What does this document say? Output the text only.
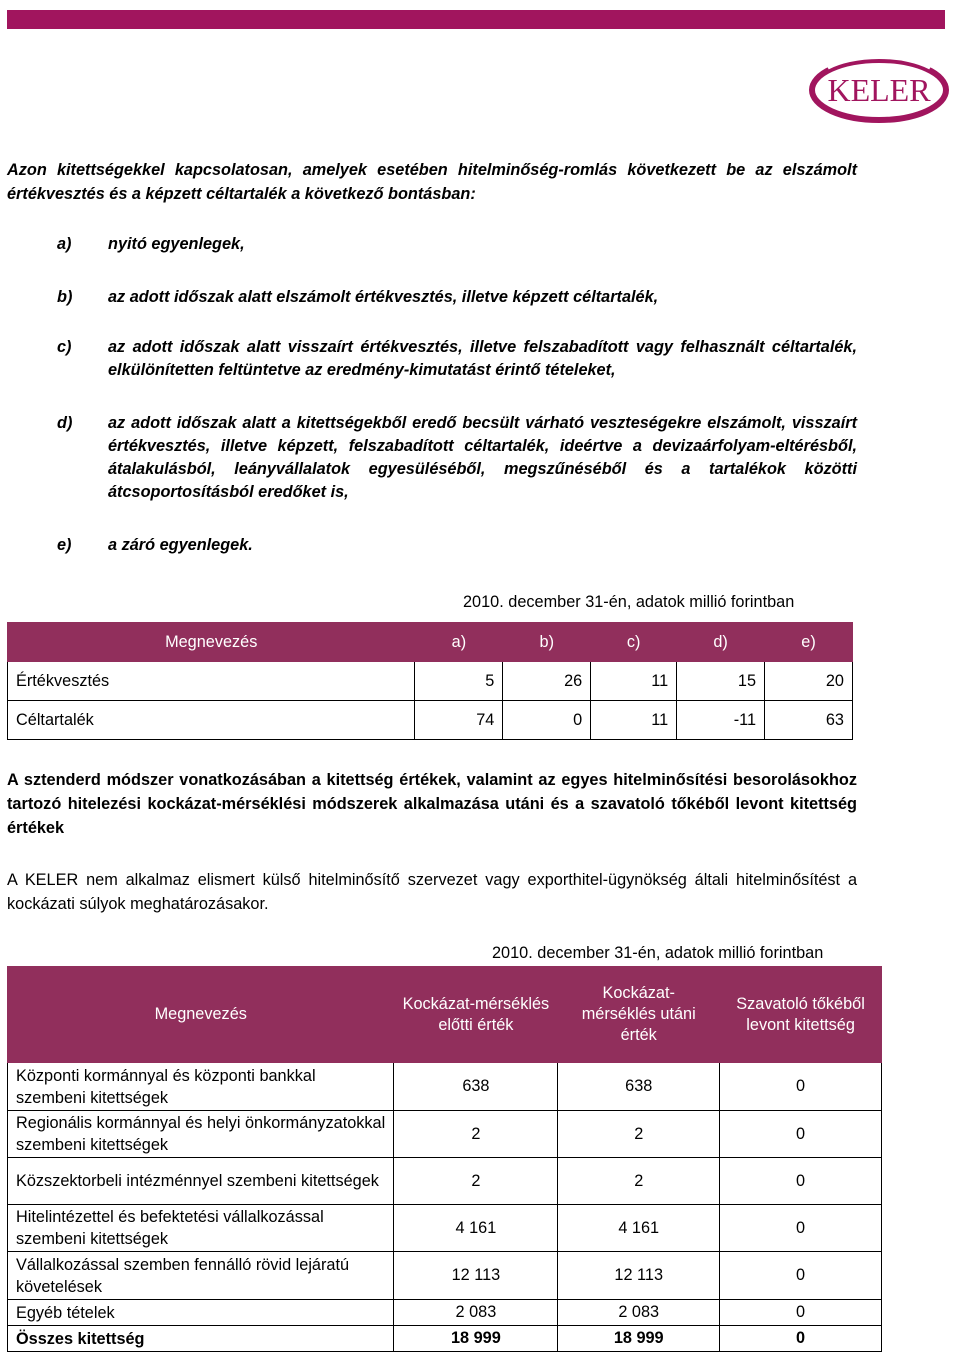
KELER
Azon kitettségekkel kapcsolatosan, amelyek esetében hitelminőség-romlás következett be az elszámolt értékvesztés és a képzett céltartalék a következő bontásban:
a) nyitó egyenlegek,
b) az adott időszak alatt elszámolt értékvesztés, illetve képzett céltartalék,
c) az adott időszak alatt visszaírt értékvesztés, illetve felszabadított vagy felhasznált céltartalék, elkülönítetten feltüntetve az eredmény-kimutatást érintő tételeket,
d) az adott időszak alatt a kitettségekből eredő becsült várható veszteségekre elszámolt, visszaírt értékvesztés, illetve képzett, felszabadított céltartalék, ideértve a devizaárfolyam-eltérésből, átalakulásból, leányvállalatok egyesüléséből, megszűnéséből és a tartalékok közötti átcsoportosításból eredőket is,
e) a záró egyenlegek.
2010. december 31-én, adatok millió forintban
Megnevezés	a)	b)	c)	d)	e)
Értékvesztés	5	26	11	15	20
Céltartalék	74	0	11	-11	63
A sztenderd módszer vonatkozásában a kitettség értékek, valamint az egyes hitelminősítési besorolásokhoz tartozó hitelezési kockázat-mérséklési módszerek alkalmazása utáni és a szavatoló tőkéből levont kitettség értékek
A KELER nem alkalmaz elismert külső hitelminősítő szervezet vagy exporthitel-ügynökség általi hitelminősítést a kockázati súlyok meghatározásakor.
2010. december 31-én, adatok millió forintban
Megnevezés	Kockázat-mérséklés előtti érték	Kockázat-mérséklés utáni érték	Szavatoló tőkéből levont kitettség
Központi kormánnyal és központi bankkal szembeni kitettségek	638	638	0
Regionális kormánnyal és helyi önkormányzatokkal szembeni kitettségek	2	2	0
Közszektorbeli intézménnyel szembeni kitettségek	2	2	0
Hitelintézettel és befektetési vállalkozással szembeni kitettségek	4 161	4 161	0
Vállalkozással szemben fennálló rövid lejáratú követelések	12 113	12 113	0
Egyéb tételek	2 083	2 083	0
Összes kitettség	18 999	18 999	0
